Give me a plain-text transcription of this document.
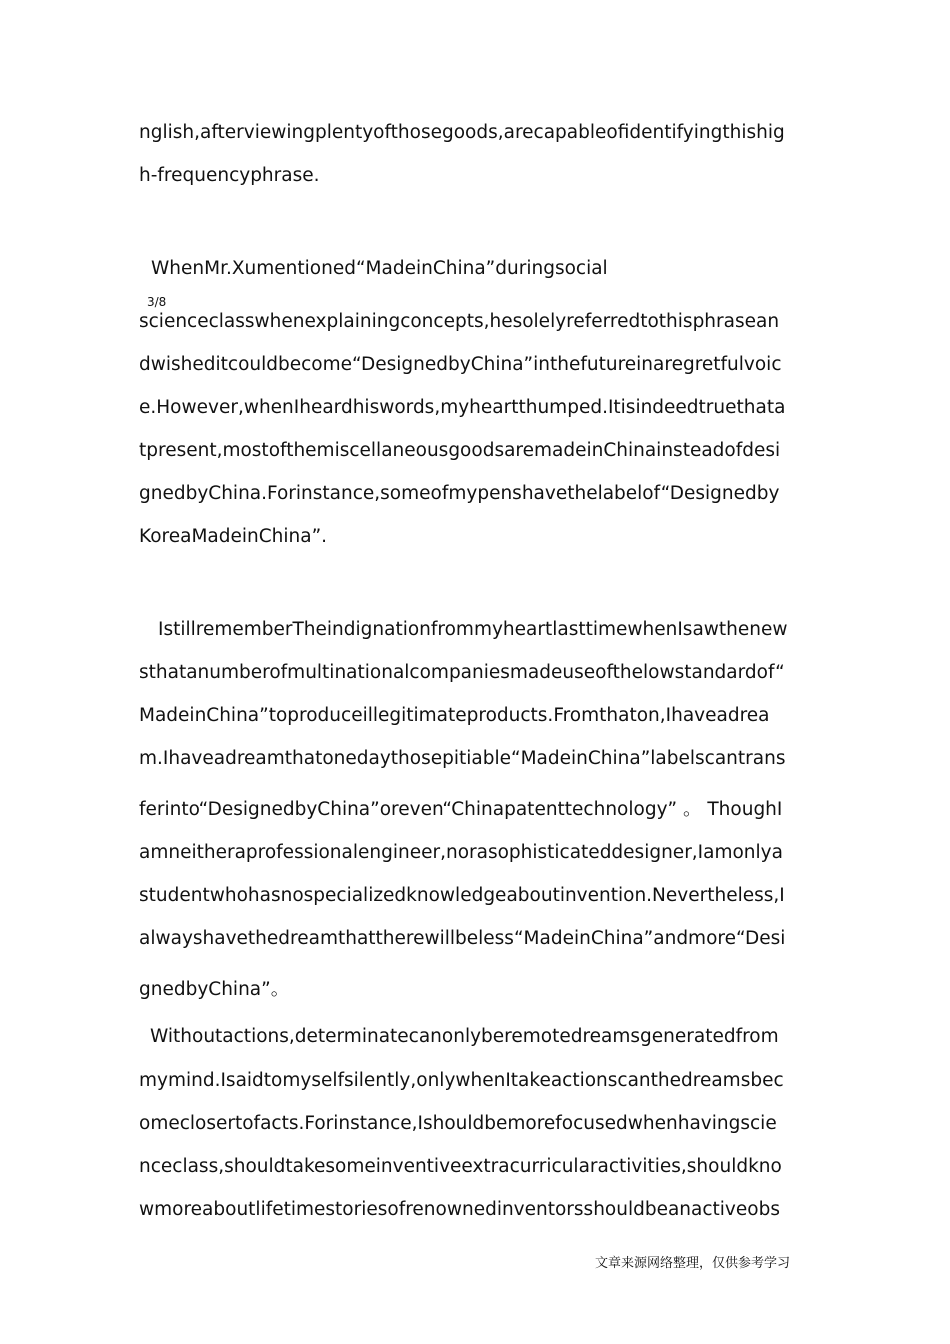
nglish,afterviewingplentyofthosegoods,arecapableofidentifyingthishig
h-frequencyphrase.
WhenMr.Xumentioned“MadeinChina”duringsocial
3/8
scienceclasswhenexplainingconcepts,hesolelyreferredtothisphrasean
dwisheditcouldbecome“DesignedbyChina”inthefutureinaregretfulvoic
e.However,whenIheardhiswords,myheartthumped.Itisindeedtruethata
tpresent,mostofthemiscellaneousgoodsaremadeinChinainsteadofdesi
gnedbyChina.Forinstance,someofmypenshavethelabelof“Designedby
KoreaMadeinChina”.
IstillrememberTheindignationfrommyheartlasttimewhenIsawthenew
sthatanumberofmultinationalcompaniesmadeuseofthelowstandardof“
MadeinChina”toproduceillegitimateproducts.Fromthaton,Ihaveadrea
m.Ihaveadreamthatonedaythosepitiable“MadeinChina”labelscantrans
ferinto“DesignedbyChina”oreven“Chinapatenttechnology” 。 ThoughI
amneitheraprofessionalengineer,norasophisticateddesigner,Iamonlya
studentwhohasnospecializedknowledgeaboutinvention.Nevertheless,I
alwayshavethedreamthattherewillbeless“MadeinChina”andmore“Desi
gnedbyChina”。
Withoutactions,determinatecanonlyberemotedreamsgeneratedfrom
mymind.Isaidtomyselfsilently,onlywhenItakeactionscanthedreamsbec
omeclosertofacts.Forinstance,Ishouldbemorefocusedwhenhavingscie
nceclass,shouldtakesomeinventiveextracurricularactivities,shouldkno
wmoreaboutlifetimestoriesofrenownedinventorsshouldbeanactiveobs
文章来源网络整理，仅供参考学习
